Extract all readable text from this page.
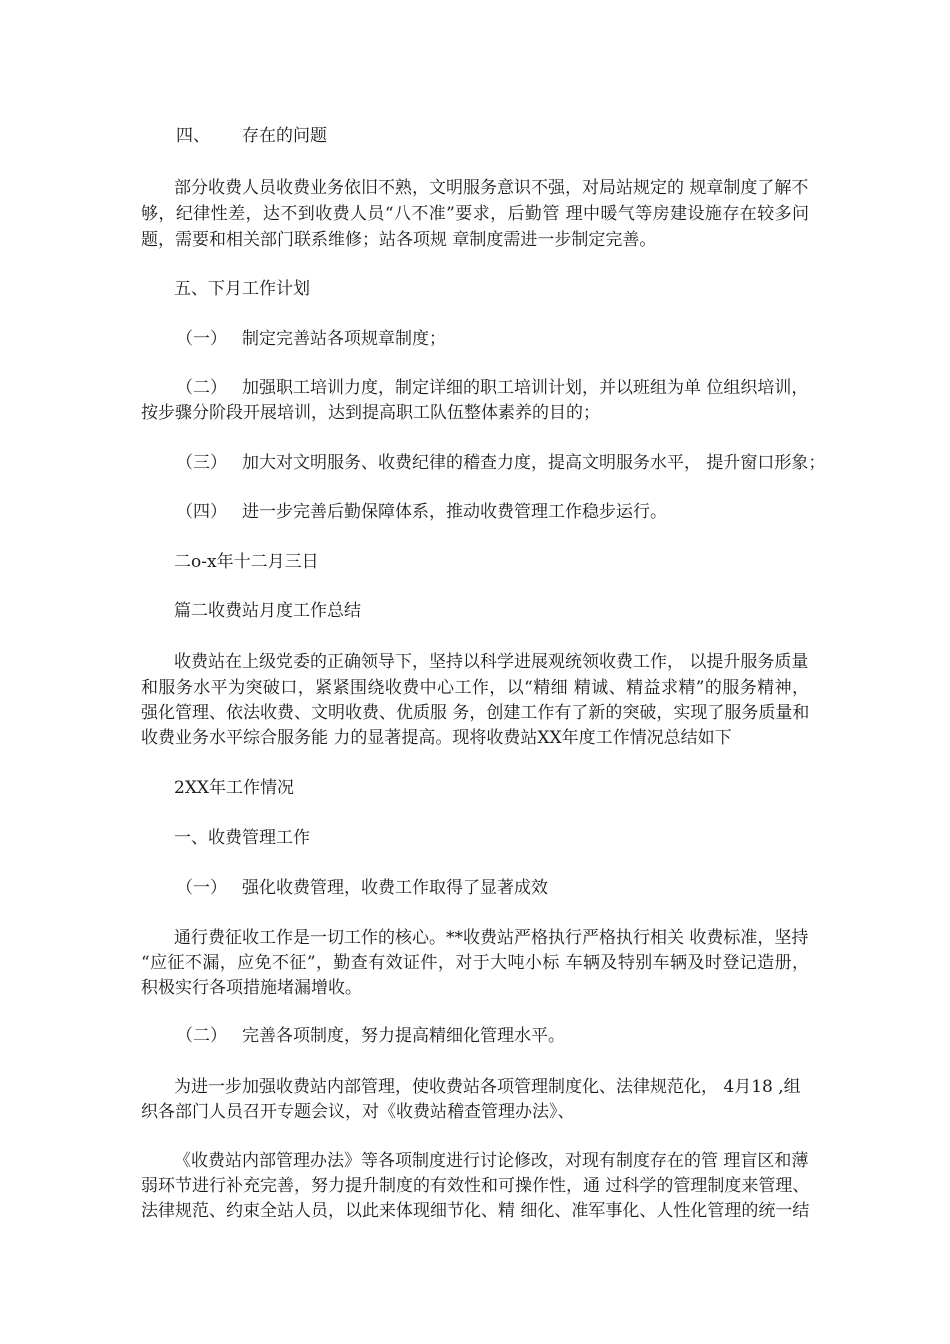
四、 存在的问题
部分收费人员收费业务依旧不熟，文明服务意识不强，对局站规定的 规章制度了解不
够，纪律性差，达不到收费人员“八不准”要求，后勤管 理中暖气等房建设施存在较多问
题，需要和相关部门联系维修；站各项规 章制度需进一步制定完善。
五、下月工作计划
（一） 制定完善站各项规章制度；
（二） 加强职工培训力度，制定详细的职工培训计划，并以班组为单 位组织培训，
按步骤分阶段开展培训，达到提高职工队伍整体素养的目的；
（三） 加大对文明服务、收费纪律的稽查力度，提高文明服务水平， 提升窗口形象；
（四） 进一步完善后勤保障体系，推动收费管理工作稳步运行。
二o-x年十二月三日
篇二收费站月度工作总结
收费站在上级党委的正确领导下，坚持以科学进展观统领收费工作， 以提升服务质量
和服务水平为突破口，紧紧围绕收费中心工作，以“精细 精诚、精益求精”的服务精神，
强化管理、依法收费、文明收费、优质服 务，创建工作有了新的突破，实现了服务质量和
收费业务水平综合服务能 力的显著提高。现将收费站XX年度工作情况总结如下
2XX年工作情况
一、收费管理工作
（一） 强化收费管理，收费工作取得了显著成效
通行费征收工作是一切工作的核心。**收费站严格执行严格执行相关 收费标准，坚持
“应征不漏，应免不征”，勤查有效证件，对于大吨小标 车辆及特别车辆及时登记造册，
积极实行各项措施堵漏增收。
（二） 完善各项制度，努力提高精细化管理水平。
为进一步加强收费站内部管理，使收费站各项管理制度化、法律规范化， 4月18 ,组
织各部门人员召开专题会议，对《收费站稽查管理办法》、
《收费站内部管理办法》等各项制度进行讨论修改，对现有制度存在的管 理盲区和薄
弱环节进行补充完善，努力提升制度的有效性和可操作性，通 过科学的管理制度来管理、
法律规范、约束全站人员，以此来体现细节化、精 细化、准军事化、人性化管理的统一结
